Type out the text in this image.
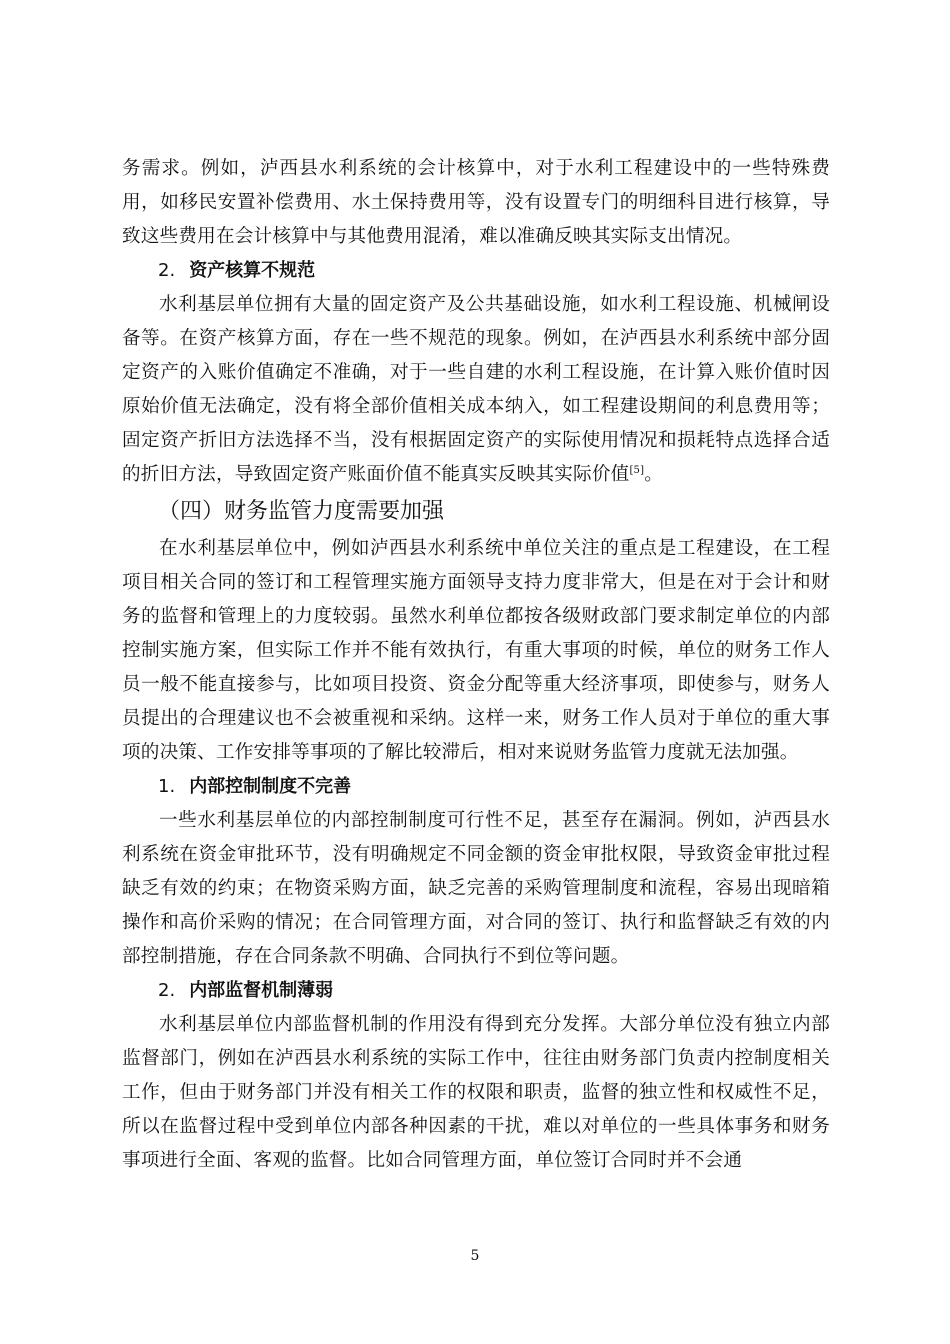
务需求。例如，泸西县水利系统的会计核算中，对于水利工程建设中的一些特殊费用，如移民安置补偿费用、水土保持费用等，没有设置专门的明细科目进行核算，导致这些费用在会计核算中与其他费用混淆，难以准确反映其实际支出情况。

2. 资产核算不规范

水利基层单位拥有大量的固定资产及公共基础设施，如水利工程设施、机械闸设备等。在资产核算方面，存在一些不规范的现象。例如，在泸西县水利系统中部分固定资产的入账价值确定不准确，对于一些自建的水利工程设施，在计算入账价值时因原始价值无法确定，没有将全部价值相关成本纳入，如工程建设期间的利息费用等；固定资产折旧方法选择不当，没有根据固定资产的实际使用情况和损耗特点选择合适的折旧方法，导致固定资产账面价值不能真实反映其实际价值[5]。

（四）财务监管力度需要加强

在水利基层单位中，例如泸西县水利系统中单位关注的重点是工程建设，在工程项目相关合同的签订和工程管理实施方面领导支持力度非常大，但是在对于会计和财务的监督和管理上的力度较弱。虽然水利单位都按各级财政部门要求制定单位的内部控制实施方案，但实际工作并不能有效执行，有重大事项的时候，单位的财务工作人员一般不能直接参与，比如项目投资、资金分配等重大经济事项，即使参与，财务人员提出的合理建议也不会被重视和采纳。这样一来，财务工作人员对于单位的重大事项的决策、工作安排等事项的了解比较滞后，相对来说财务监管力度就无法加强。

1. 内部控制制度不完善

一些水利基层单位的内部控制制度可行性不足，甚至存在漏洞。例如，泸西县水利系统在资金审批环节，没有明确规定不同金额的资金审批权限，导致资金审批过程缺乏有效的约束；在物资采购方面，缺乏完善的采购管理制度和流程，容易出现暗箱操作和高价采购的情况；在合同管理方面，对合同的签订、执行和监督缺乏有效的内部控制措施，存在合同条款不明确、合同执行不到位等问题。

2. 内部监督机制薄弱

水利基层单位内部监督机制的作用没有得到充分发挥。大部分单位没有独立内部监督部门，例如在泸西县水利系统的实际工作中，往往由财务部门负责内控制度相关工作，但由于财务部门并没有相关工作的权限和职责，监督的独立性和权威性不足，所以在监督过程中受到单位内部各种因素的干扰，难以对单位的一些具体事务和财务事项进行全面、客观的监督。比如合同管理方面，单位签订合同时并不会通

5
